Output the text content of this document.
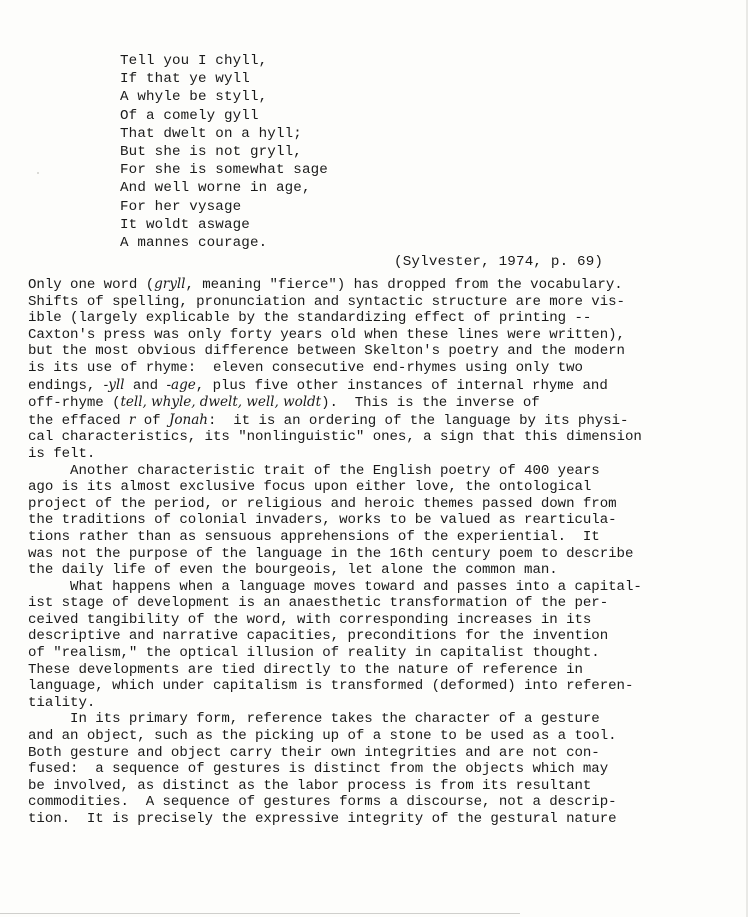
Tell you I chyll,
If that ye wyll
A whyle be styll,
Of a comely gyll
That dwelt on a hyll;
But she is not gryll,
For she is somewhat sage
And well worne in age,
For her vysage
It woldt aswage
A mannes courage.
(Sylvester, 1974, p. 69)
Only one word (gryll, meaning "fierce") has dropped from the vocabulary.
Shifts of spelling, pronunciation and syntactic structure are more vis-
ible (largely explicable by the standardizing effect of printing --
Caxton's press was only forty years old when these lines were written),
but the most obvious difference between Skelton's poetry and the modern
is its use of rhyme:  eleven consecutive end-rhymes using only two
endings, -yll and -age, plus five other instances of internal rhyme and
off-rhyme (tell, whyle, dwelt, well, woldt).  This is the inverse of
the effaced r of Jonah:  it is an ordering of the language by its physi-
cal characteristics, its "nonlinguistic" ones, a sign that this dimension
is felt.
Another characteristic trait of the English poetry of 400 years
ago is its almost exclusive focus upon either love, the ontological
project of the period, or religious and heroic themes passed down from
the traditions of colonial invaders, works to be valued as rearticula-
tions rather than as sensuous apprehensions of the experiential.  It
was not the purpose of the language in the 16th century poem to describe
the daily life of even the bourgeois, let alone the common man.
What happens when a language moves toward and passes into a capital-
ist stage of development is an anaesthetic transformation of the per-
ceived tangibility of the word, with corresponding increases in its
descriptive and narrative capacities, preconditions for the invention
of "realism," the optical illusion of reality in capitalist thought.
These developments are tied directly to the nature of reference in
language, which under capitalism is transformed (deformed) into referen-
tiality.
In its primary form, reference takes the character of a gesture
and an object, such as the picking up of a stone to be used as a tool.
Both gesture and object carry their own integrities and are not con-
fused:  a sequence of gestures is distinct from the objects which may
be involved, as distinct as the labor process is from its resultant
commodities.  A sequence of gestures forms a discourse, not a descrip-
tion.  It is precisely the expressive integrity of the gestural nature
